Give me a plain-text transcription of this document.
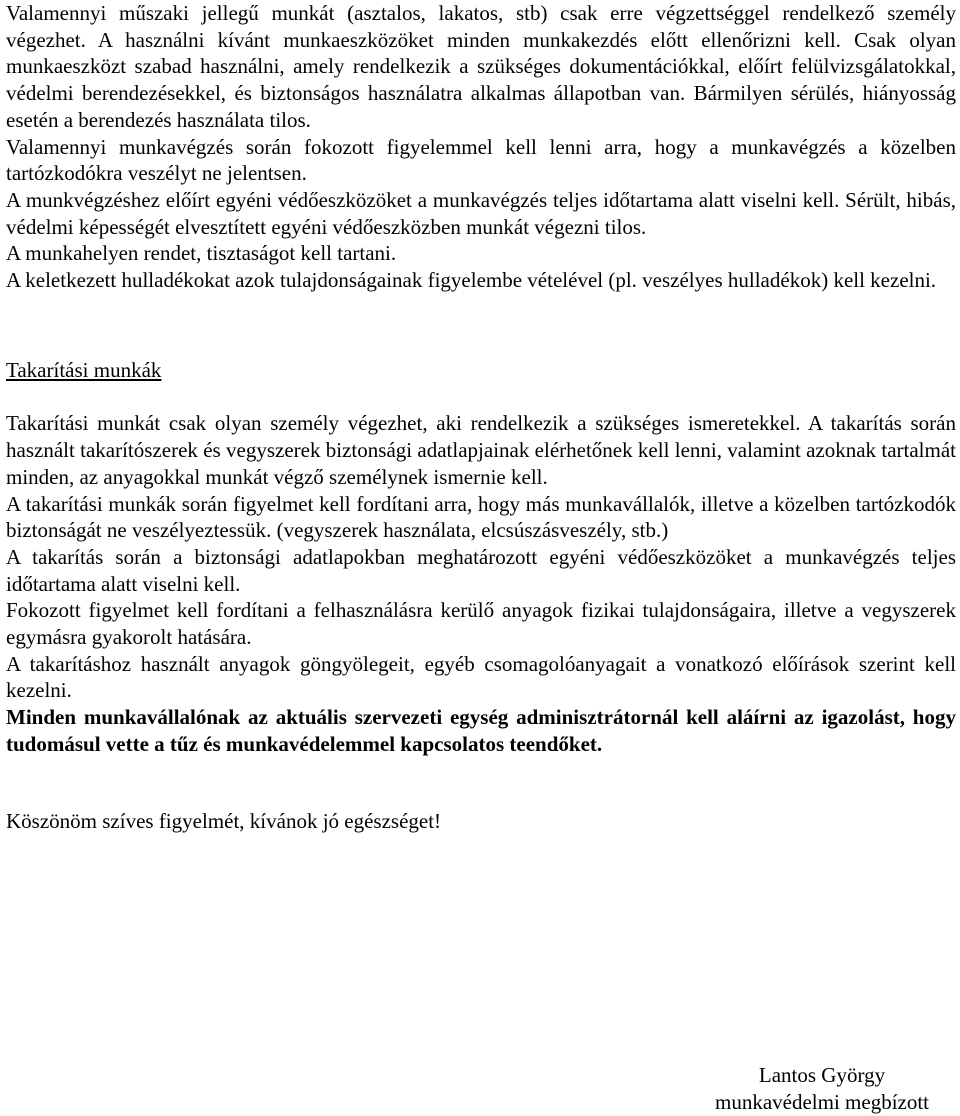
Valamennyi műszaki jellegű munkát (asztalos, lakatos, stb) csak erre végzettséggel rendelkező személy végezhet. A használni kívánt munkaeszközöket minden munkakezdés előtt ellenőrizni kell. Csak olyan munkaeszközt szabad használni, amely rendelkezik a szükséges dokumentációkkal, előírt felülvizsgálatokkal, védelmi berendezésekkel, és biztonságos használatra alkalmas állapotban van. Bármilyen sérülés, hiányosság esetén a berendezés használata tilos.

Valamennyi munkavégzés során fokozott figyelemmel kell lenni arra, hogy a munkavégzés a közelben tartózkodókra veszélyt ne jelentsen.

A munkvégzéshez előírt egyéni védőeszközöket a munkavégzés teljes időtartama alatt viselni kell. Sérült, hibás, védelmi képességét elvesztített egyéni védőeszközben munkát végezni tilos.

A munkahelyen rendet, tisztaságot kell tartani.

A keletkezett hulladékokat azok tulajdonságainak figyelembe vételével (pl. veszélyes hulladékok) kell kezelni.

Takarítási munkák

Takarítási munkát csak olyan személy végezhet, aki rendelkezik a szükséges ismeretekkel. A takarítás során használt takarítószerek és vegyszerek biztonsági adatlapjainak elérhetőnek kell lenni, valamint azoknak tartalmát minden, az anyagokkal munkát végző személynek ismernie kell.

A takarítási munkák során figyelmet kell fordítani arra, hogy más munkavállalók, illetve a közelben tartózkodók biztonságát ne veszélyeztessük. (vegyszerek használata, elcsúszásveszély, stb.)

A takarítás során a biztonsági adatlapokban meghatározott egyéni védőeszközöket a munkavégzés teljes időtartama alatt viselni kell.

Fokozott figyelmet kell fordítani a felhasználásra kerülő anyagok fizikai tulajdonságaira, illetve a vegyszerek egymásra gyakorolt hatására.

A takarításhoz használt anyagok göngyölegeit, egyéb csomagolóanyagait a vonatkozó előírások szerint kell kezelni.

Minden munkavállalónak az aktuális szervezeti egység adminisztrátornál kell aláírni az igazolást, hogy tudomásul vette a tűz és munkavédelemmel kapcsolatos teendőket.

Köszönöm szíves figyelmét, kívánok jó egészséget!

Lantos György
munkavédelmi megbízott
